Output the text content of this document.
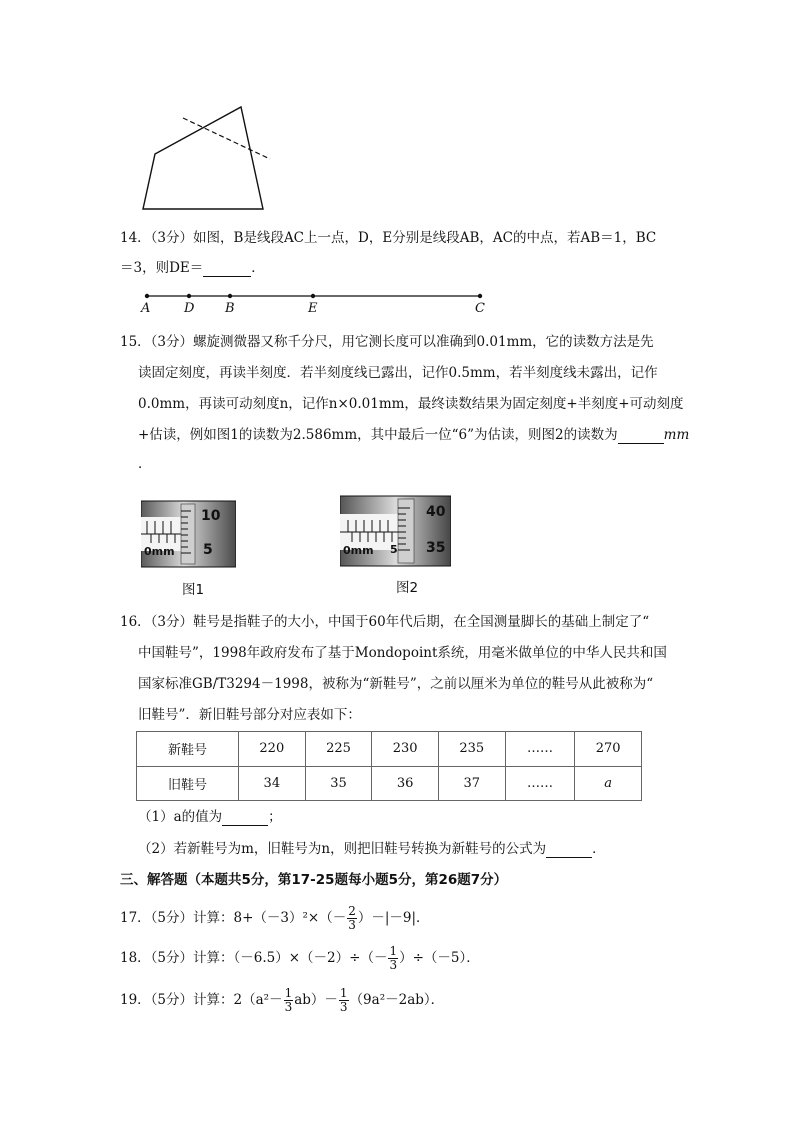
14．（3分）如图，B是线段AC上一点，D，E分别是线段AB，AC的中点，若AB＝1，BC
＝3，则DE＝	．
A	D B	E	C
15．（3分）螺旋测微器又称千分尺，用它测长度可以准确到0.01mm，它的读数方法是先
读固定刻度，再读半刻度．若半刻度线已露出，记作0.5mm，若半刻度线未露出，记作
0.0mm，再读可动刻度n，记作n×0.01mm，最终读数结果为固定刻度+半刻度+可动刻度
+估读，例如图1的读数为2.586mm，其中最后一位“6”为估读，则图2的读数为	mm
．
10
5
0mm
图1
40
35
0mm 5
图2
16．（3分）鞋号是指鞋子的大小，中国于60年代后期，在全国测量脚长的基础上制定了“
中国鞋号”，1998年政府发布了基于Mondopoint系统，用毫米做单位的中华人民共和国
国家标准GB/T3294－1998，被称为“新鞋号”，之前以厘米为单位的鞋号从此被称为“
旧鞋号”．新旧鞋号部分对应表如下：
新鞋号	220	225	230	235	……	270
旧鞋号	34	35	36	37	……	a
（1）a的值为	；
（2）若新鞋号为m，旧鞋号为n，则把旧鞋号转换为新鞋号的公式为	．
三、解答题（本题共5分，第17-25题每小题5分，第26题7分）
17．（5分）计算：$8+(-3)^2\times(- \frac{2}{3} )-|-9|$．
18．（5分）计算：$(-6.5)\times(-2)\div(- \frac{1}{3} )\div(-5)$．
19．（5分）计算：$2(a^2- \frac{1}{3} ab)- \frac{1}{3} (9a^2-2ab)$．
